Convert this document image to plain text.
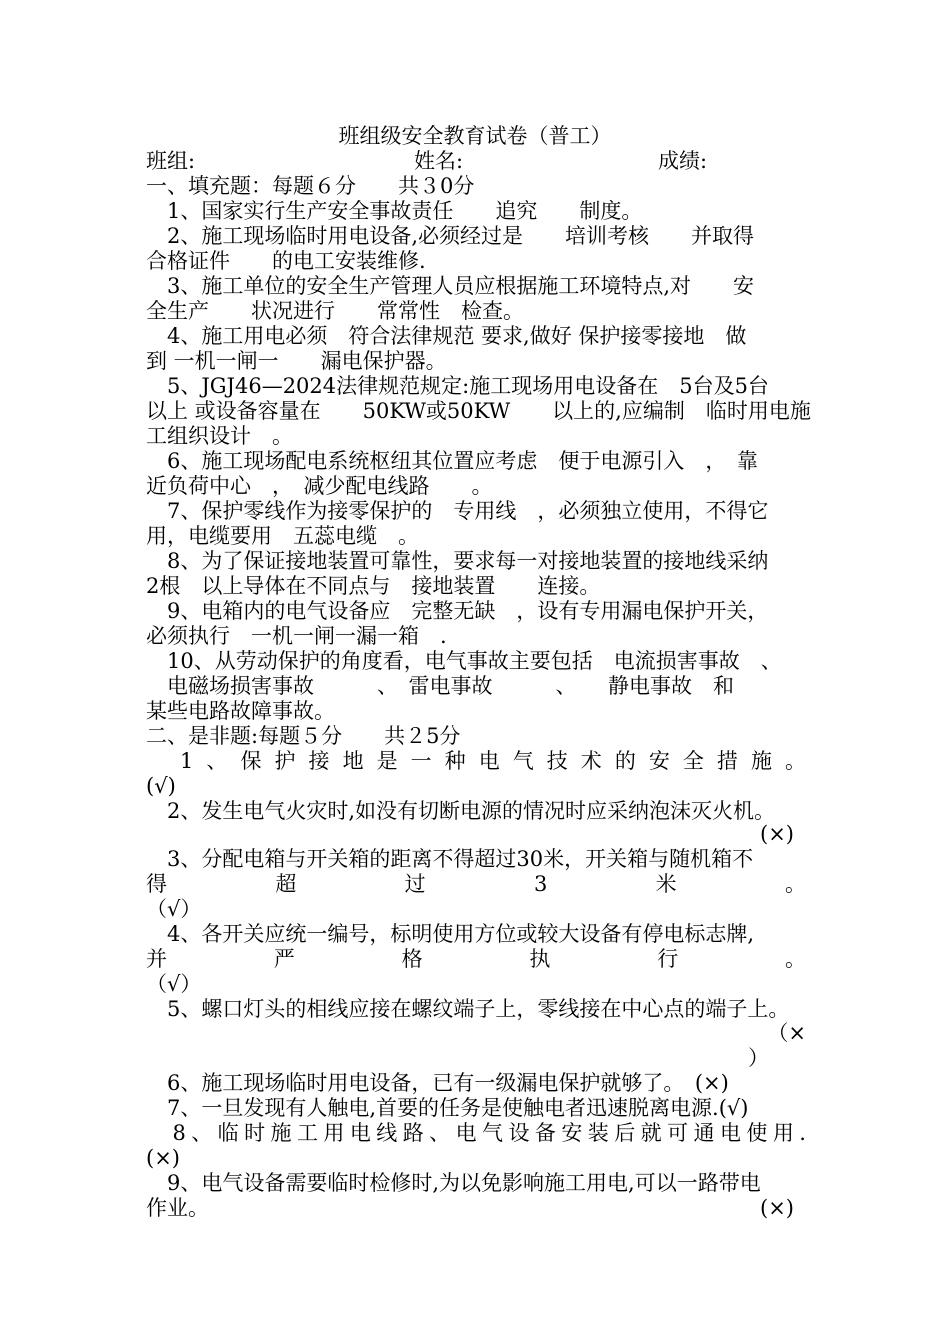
班组级安全教育试卷（普工）
班组:	姓名:	成绩:
一、填充题：每题６分　　共３0分
　1、国家实行生产安全事故责任　　追究　　制度。
　2、施工现场临时用电设备,必须经过是　　培训考核　　并取得
合格证件　　的电工安装维修.
　3、施工单位的安全生产管理人员应根据施工环境特点,对　　安
全生产　　状况进行　　常常性　检查。
　4、施工用电必须　符合法律规范 要求,做好 保护接零接地　做
到 一机一闸一　　漏电保护器。
　5、JGJ46—2024法律规范规定:施工现场用电设备在　5台及5台
以上 或设备容量在　　50KW或50KW　　以上的,应编制　临时用电施
工组织设计　。
　6、施工现场配电系统枢纽其位置应考虑　便于电源引入　，　靠
近负荷中心　，　减少配电线路　　。
　7、保护零线作为接零保护的　专用线　，必须独立使用，不得它
用，电缆要用　五蕊电缆　。
　8、为了保证接地装置可靠性，要求每一对接地装置的接地线采纳
2根　以上导体在不同点与　接地装置　　连接。
　9、电箱内的电气设备应　完整无缺　，设有专用漏电保护开关，
必须执行　一机一闸一漏一箱　.
　10、从劳动保护的角度看，电气事故主要包括　电流损害事故　、
　电磁场损害事故　　　、　雷电事故　　　、　　静电事故　和
某些电路故障事故。
二、是非题:每题５分　　共２5分
　1、保护接地是一种电气技术的安全措施。
(√)
　2、发生电气火灾时,如没有切断电源的情况时应采纳泡沫灭火机。
(×)
　3、分配电箱与开关箱的距离不得超过30米，开关箱与随机箱不
得　超　过　3　米　。
（√）
　4、各开关应统一编号，标明使用方位或较大设备有停电标志牌,
并　严　格　执　行　。
（√）
　5、螺口灯头的相线应接在螺纹端子上，零线接在中心点的端子上。
（×
）
　6、施工现场临时用电设备，已有一级漏电保护就够了。　(×)
　7、一旦发现有人触电,首要的任务是使触电者迅速脱离电源.(√)
　8、临时施工用电线路、电气设备安装后就可通电使用.
(×)
　9、电气设备需要临时检修时,为以免影响施工用电,可以一路带电
作业。	(×)
